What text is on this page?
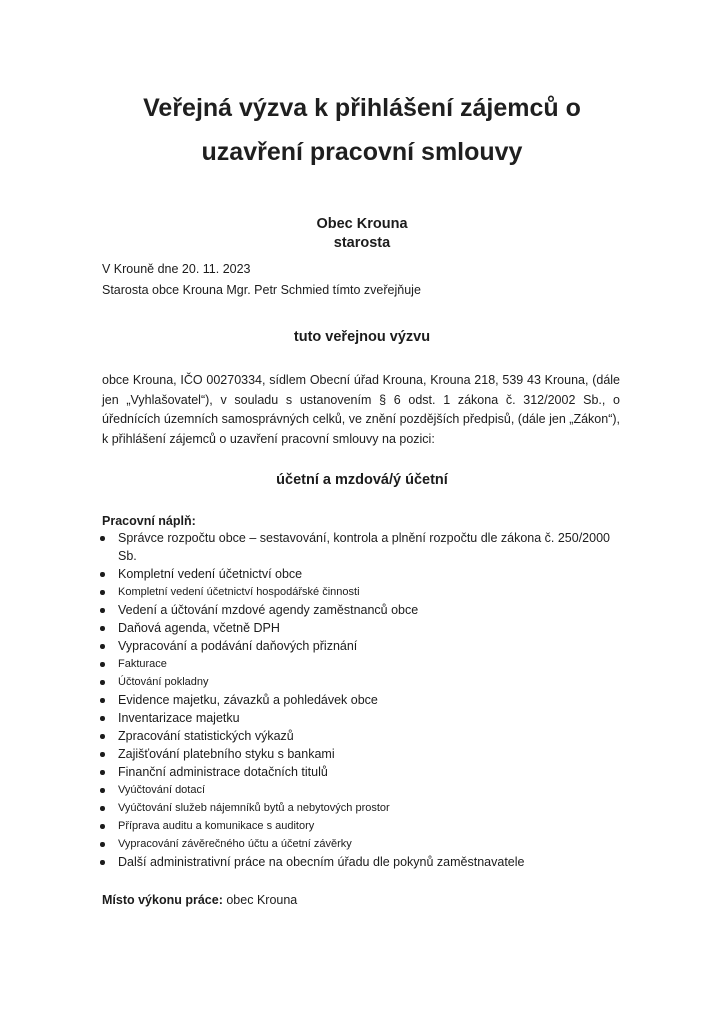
Veřejná výzva k přihlášení zájemců o
uzavření pracovní smlouvy
Obec Krouna
starosta
V Krouně dne 20. 11. 2023
Starosta obce Krouna Mgr. Petr Schmied tímto zveřejňuje
tuto veřejnou výzvu

obce Krouna, IČO 00270334, sídlem Obecní úřad Krouna, Krouna 218, 539 43 Krouna, (dále jen „Vyhlašovatel“), v souladu s ustanovením § 6 odst. 1 zákona č. 312/2002 Sb., o úřednících územních samosprávných celků, ve znění pozdějších předpisů, (dále jen „Zákon“), k přihlášení zájemců o uzavření pracovní smlouvy na pozici:

účetní a mzdová/ý účetní
Pracovní náplň:
Správce rozpočtu obce – sestavování, kontrola a plnění rozpočtu dle zákona č. 250/2000 Sb.
Kompletní vedení účetnictví obce
Kompletní vedení účetnictví hospodářské činnosti
Vedení a účtování mzdové agendy zaměstnanců obce
Daňová agenda, včetně DPH
Vypracování a podávání daňových přiznání
Fakturace
Účtování pokladny
Evidence majetku, závazků a pohledávek obce
Inventarizace majetku
Zpracování statistických výkazů
Zajišťování platebního styku s bankami
Finanční administrace dotačních titulů
Vyúčtování dotací
Vyúčtování služeb nájemníků bytů a nebytových prostor
Příprava auditu a komunikace s auditory
Vypracování závěrečného účtu a účetní závěrky
Další administrativní práce na obecním úřadu dle pokynů zaměstnavatele
Místo výkonu práce: obec Krouna
